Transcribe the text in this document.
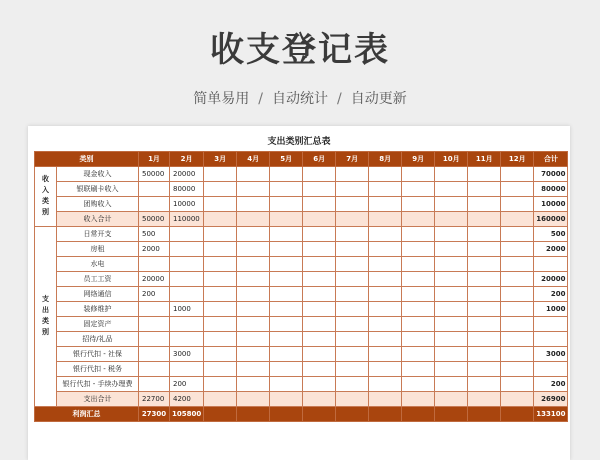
收支登记表
简单易用 / 自动统计 / 自动更新
支出类别汇总表
类别		1月	2月	3月	4月	5月	6月	7月	8月	9月	10月	11月	12月	合计
收入类别	现金收入	50000	20000											70000
	银联刷卡收入		80000											80000
	团购收入		10000											10000
	收入合计	50000	110000											160000
支出类别	日常开支	500												500
	房租	2000												2000
	水电													
	员工工资	20000												20000
	网络通信	200												200
	装修维护		1000											1000
	固定资产													
	招待/礼品													
	银行代扣 - 社保		3000											3000
	银行代扣 - 税务													
	银行代扣 - 手续办理费		200											200
	支出合计	22700	4200											26900
利润汇总		27300	105800											133100
